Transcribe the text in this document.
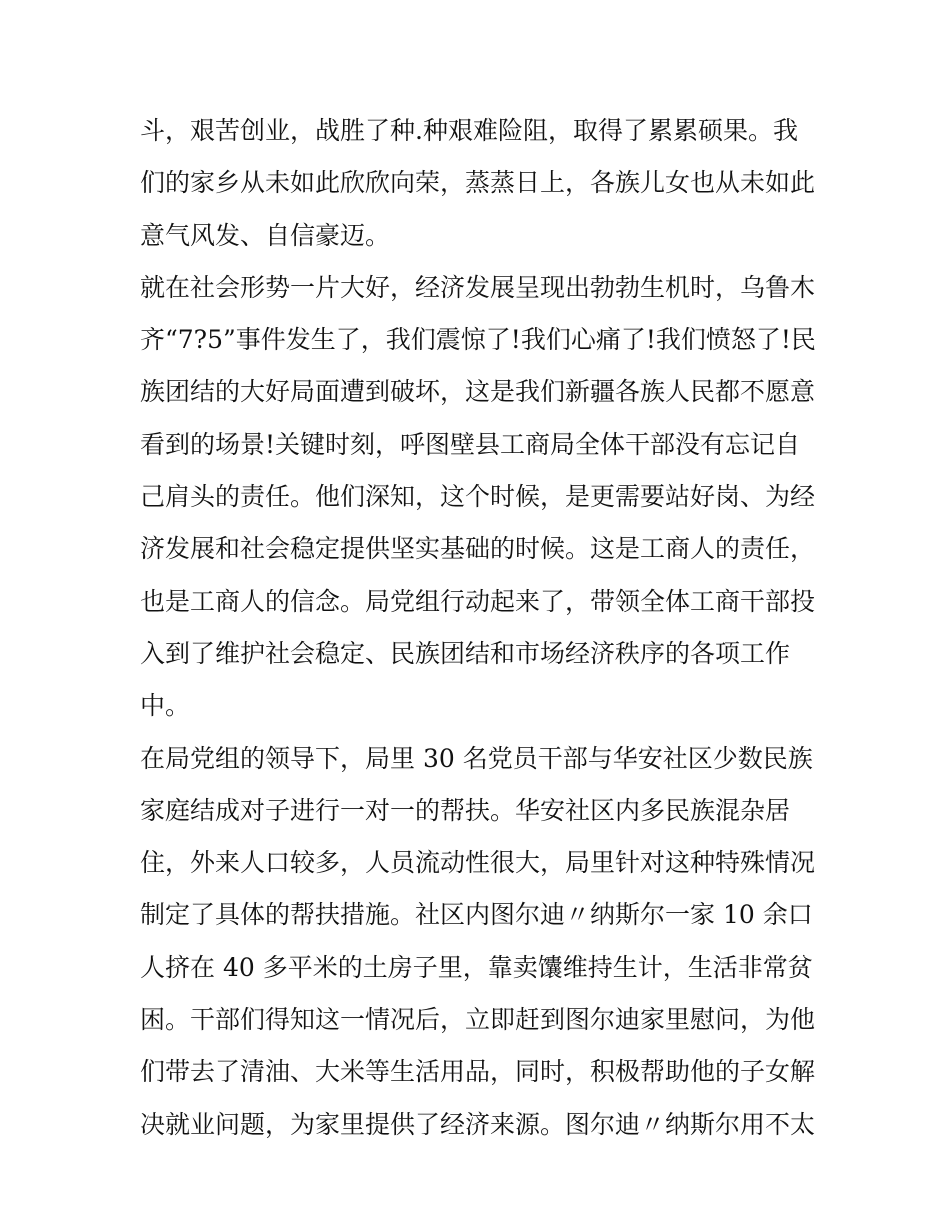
斗，艰苦创业，战胜了种.种艰难险阻，取得了累累硕果。我
们的家乡从未如此欣欣向荣，蒸蒸日上，各族儿女也从未如此
意气风发、自信豪迈。
就在社会形势一片大好，经济发展呈现出勃勃生机时，乌鲁木
齐“7?5”事件发生了，我们震惊了!我们心痛了!我们愤怒了!民
族团结的大好局面遭到破坏，这是我们新疆各族人民都不愿意
看到的场景!关键时刻，呼图壁县工商局全体干部没有忘记自
己肩头的责任。他们深知，这个时候，是更需要站好岗、为经
济发展和社会稳定提供坚实基础的时候。这是工商人的责任，
也是工商人的信念。局党组行动起来了，带领全体工商干部投
入到了维护社会稳定、民族团结和市场经济秩序的各项工作
中。
在局党组的领导下，局里 30 名党员干部与华安社区少数民族
家庭结成对子进行一对一的帮扶。华安社区内多民族混杂居
住，外来人口较多，人员流动性很大，局里针对这种特殊情况
制定了具体的帮扶措施。社区内图尔迪〃纳斯尔一家 10 余口
人挤在 40 多平米的土房子里，靠卖馕维持生计，生活非常贫
困。干部们得知这一情况后，立即赶到图尔迪家里慰问，为他
们带去了清油、大米等生活用品，同时，积极帮助他的子女解
决就业问题，为家里提供了经济来源。图尔迪〃纳斯尔用不太
